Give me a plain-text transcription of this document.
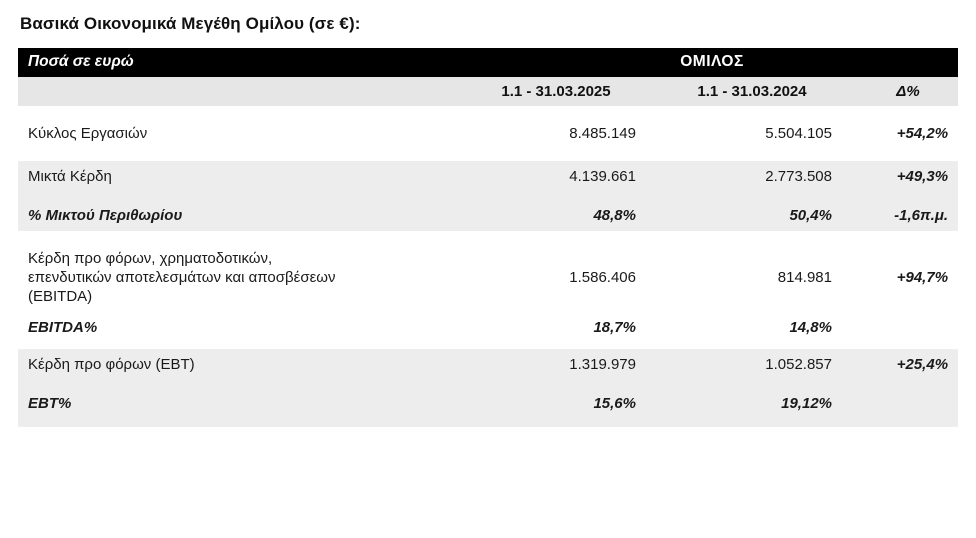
Βασικά Οικονομικά Μεγέθη Ομίλου (σε €):
Ποσά σε ευρώ	ΟΜΙΛΟΣ		
	1.1 - 31.03.2025	1.1 - 31.03.2024	Δ%

Κύκλος Εργασιών	8.485.149	5.504.105	+54,2%

Μικτά Κέρδη	4.139.661	2.773.508	+49,3%

% Μικτού Περιθωρίου	48,8%	50,4%	-1,6π.μ.

Κέρδη προ φόρων, χρηματοδοτικών,
επενδυτικών αποτελεσμάτων και αποσβέσεων
(EBITDA)	1.586.406	814.981	+94,7%
EBITDA%	18,7%	14,8%	

Κέρδη προ φόρων (EBT)	1.319.979	1.052.857	+25,4%

EBT%	15,6%	19,12%	
